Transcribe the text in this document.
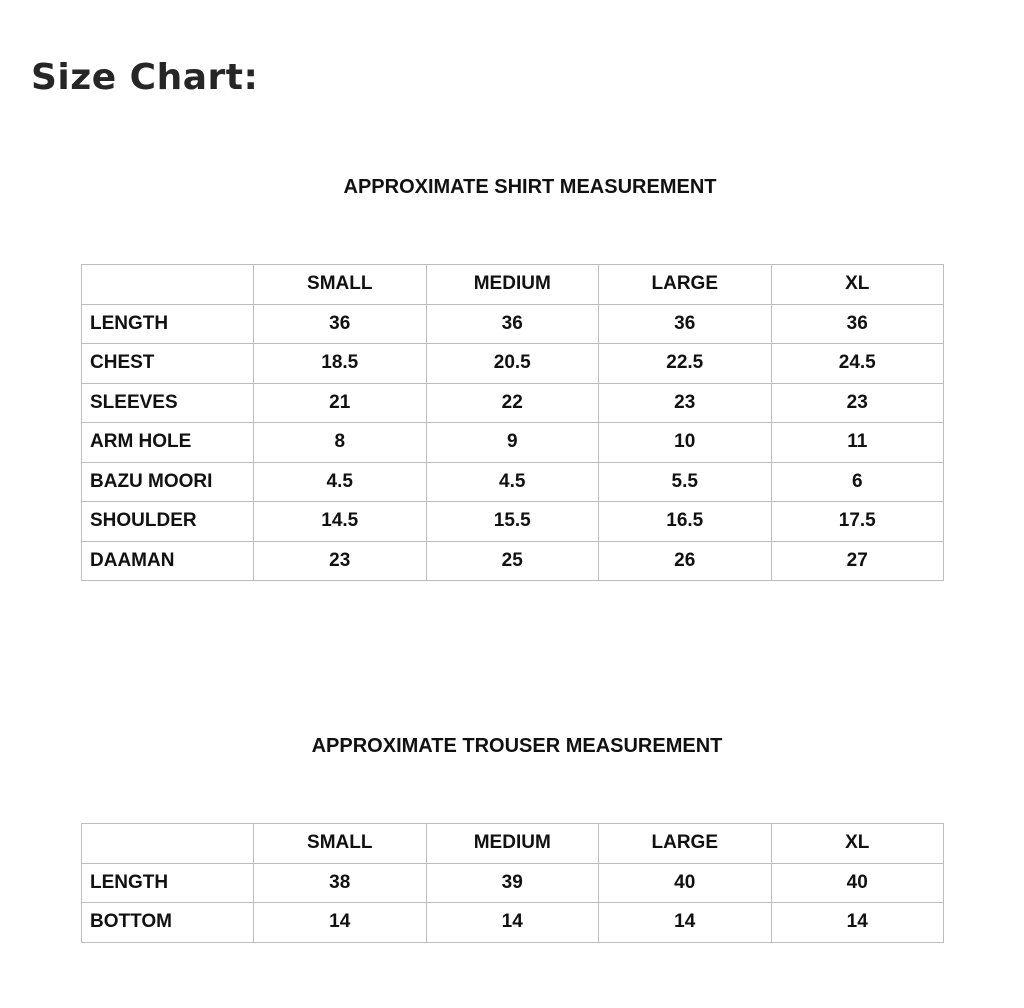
Size Chart:
APPROXIMATE SHIRT MEASUREMENT
	SMALL	MEDIUM	LARGE	XL
LENGTH	36	36	36	36
CHEST	18.5	20.5	22.5	24.5
SLEEVES	21	22	23	23
ARM HOLE	8	9	10	11
BAZU MOORI	4.5	4.5	5.5	6
SHOULDER	14.5	15.5	16.5	17.5
DAAMAN	23	25	26	27
APPROXIMATE TROUSER MEASUREMENT
	SMALL	MEDIUM	LARGE	XL
LENGTH	38	39	40	40
BOTTOM	14	14	14	14
